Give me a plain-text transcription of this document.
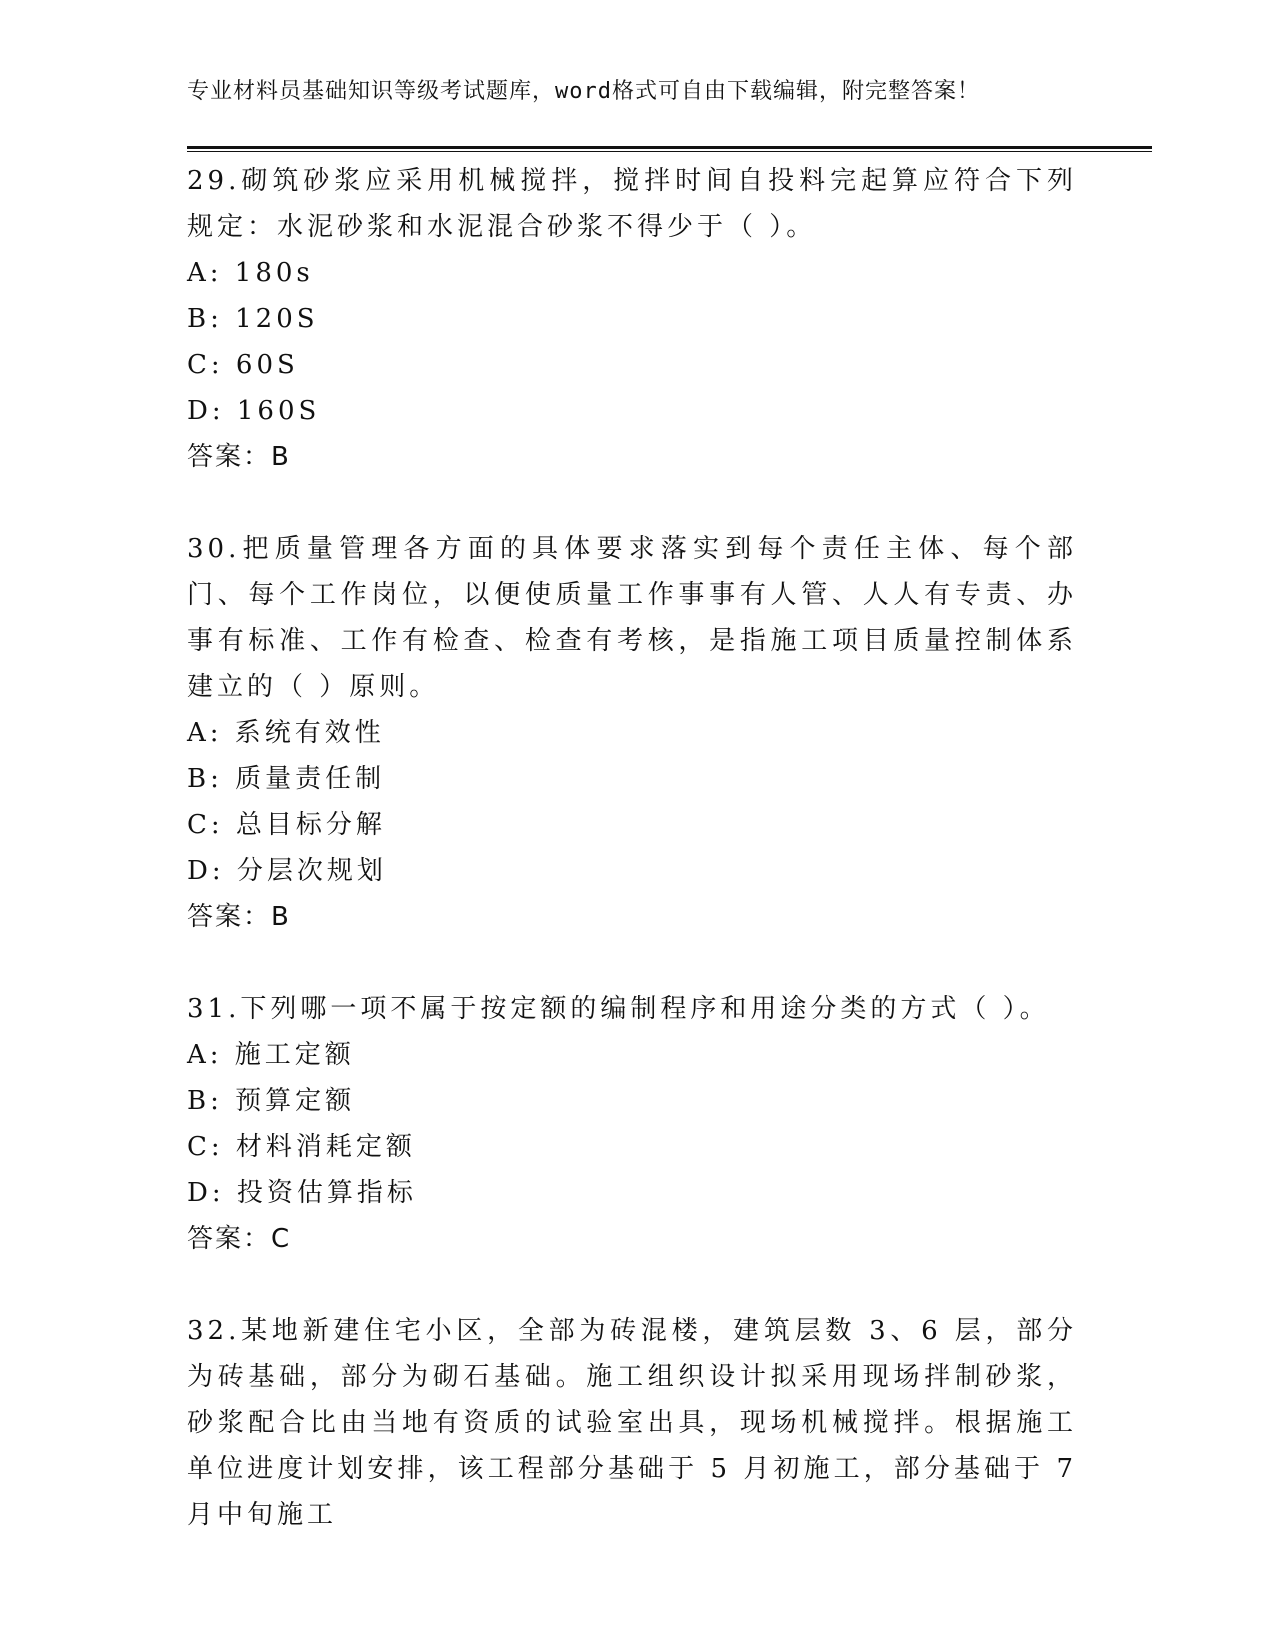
专业材料员基础知识等级考试题库，word格式可自由下载编辑，附完整答案！

29.砌筑砂浆应采用机械搅拌，搅拌时间自投料完起算应符合下列规定：水泥砂浆和水泥混合砂浆不得少于（ ）。

A: 180s

B: 120S

C: 60S

D: 160S

答案：B

30.把质量管理各方面的具体要求落实到每个责任主体、每个部门、每个工作岗位，以便使质量工作事事有人管、人人有专责、办事有标准、工作有检查、检查有考核，是指施工项目质量控制体系建立的（ ）原则。

A: 系统有效性

B: 质量责任制

C: 总目标分解

D: 分层次规划

答案：B

31.下列哪一项不属于按定额的编制程序和用途分类的方式（ ）。

A: 施工定额

B: 预算定额

C: 材料消耗定额

D: 投资估算指标

答案：C

32.某地新建住宅小区，全部为砖混楼，建筑层数 3、6 层，部分为砖基础，部分为砌石基础。施工组织设计拟采用现场拌制砂浆，砂浆配合比由当地有资质的试验室出具，现场机械搅拌。根据施工单位进度计划安排，该工程部分基础于 5 月初施工，部分基础于 7 月中旬施工
